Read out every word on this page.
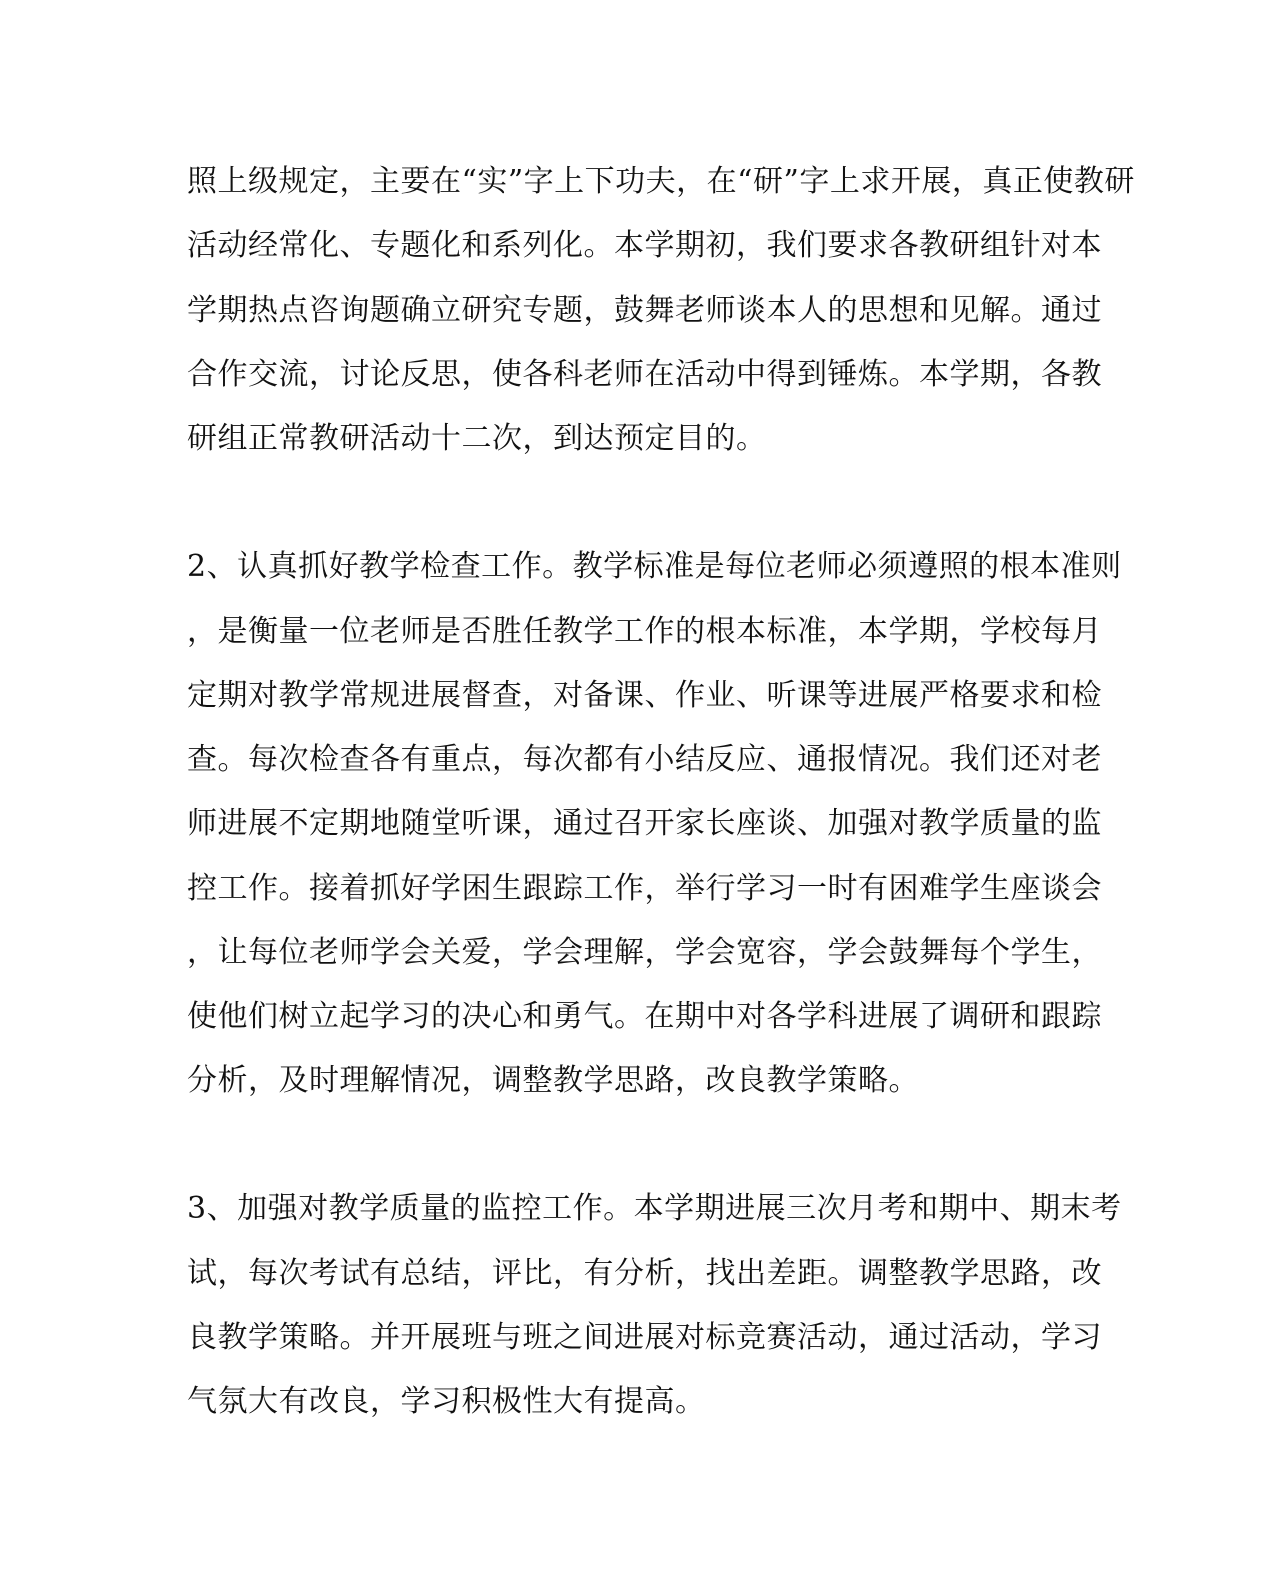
照上级规定，主要在“实”字上下功夫，在“研”字上求开展，真正使教研
活动经常化、专题化和系列化。本学期初，我们要求各教研组针对本
学期热点咨询题确立研究专题，鼓舞老师谈本人的思想和见解。通过
合作交流，讨论反思，使各科老师在活动中得到锤炼。本学期，各教
研组正常教研活动十二次，到达预定目的。
2、认真抓好教学检查工作。教学标准是每位老师必须遵照的根本准则
，是衡量一位老师是否胜任教学工作的根本标准，本学期，学校每月
定期对教学常规进展督查，对备课、作业、听课等进展严格要求和检
查。每次检查各有重点，每次都有小结反应、通报情况。我们还对老
师进展不定期地随堂听课，通过召开家长座谈、加强对教学质量的监
控工作。接着抓好学困生跟踪工作，举行学习一时有困难学生座谈会
，让每位老师学会关爱，学会理解，学会宽容，学会鼓舞每个学生，
使他们树立起学习的决心和勇气。在期中对各学科进展了调研和跟踪
分析，及时理解情况，调整教学思路，改良教学策略。
3、加强对教学质量的监控工作。本学期进展三次月考和期中、期末考
试，每次考试有总结，评比，有分析，找出差距。调整教学思路，改
良教学策略。并开展班与班之间进展对标竞赛活动，通过活动，学习
气氛大有改良，学习积极性大有提高。
